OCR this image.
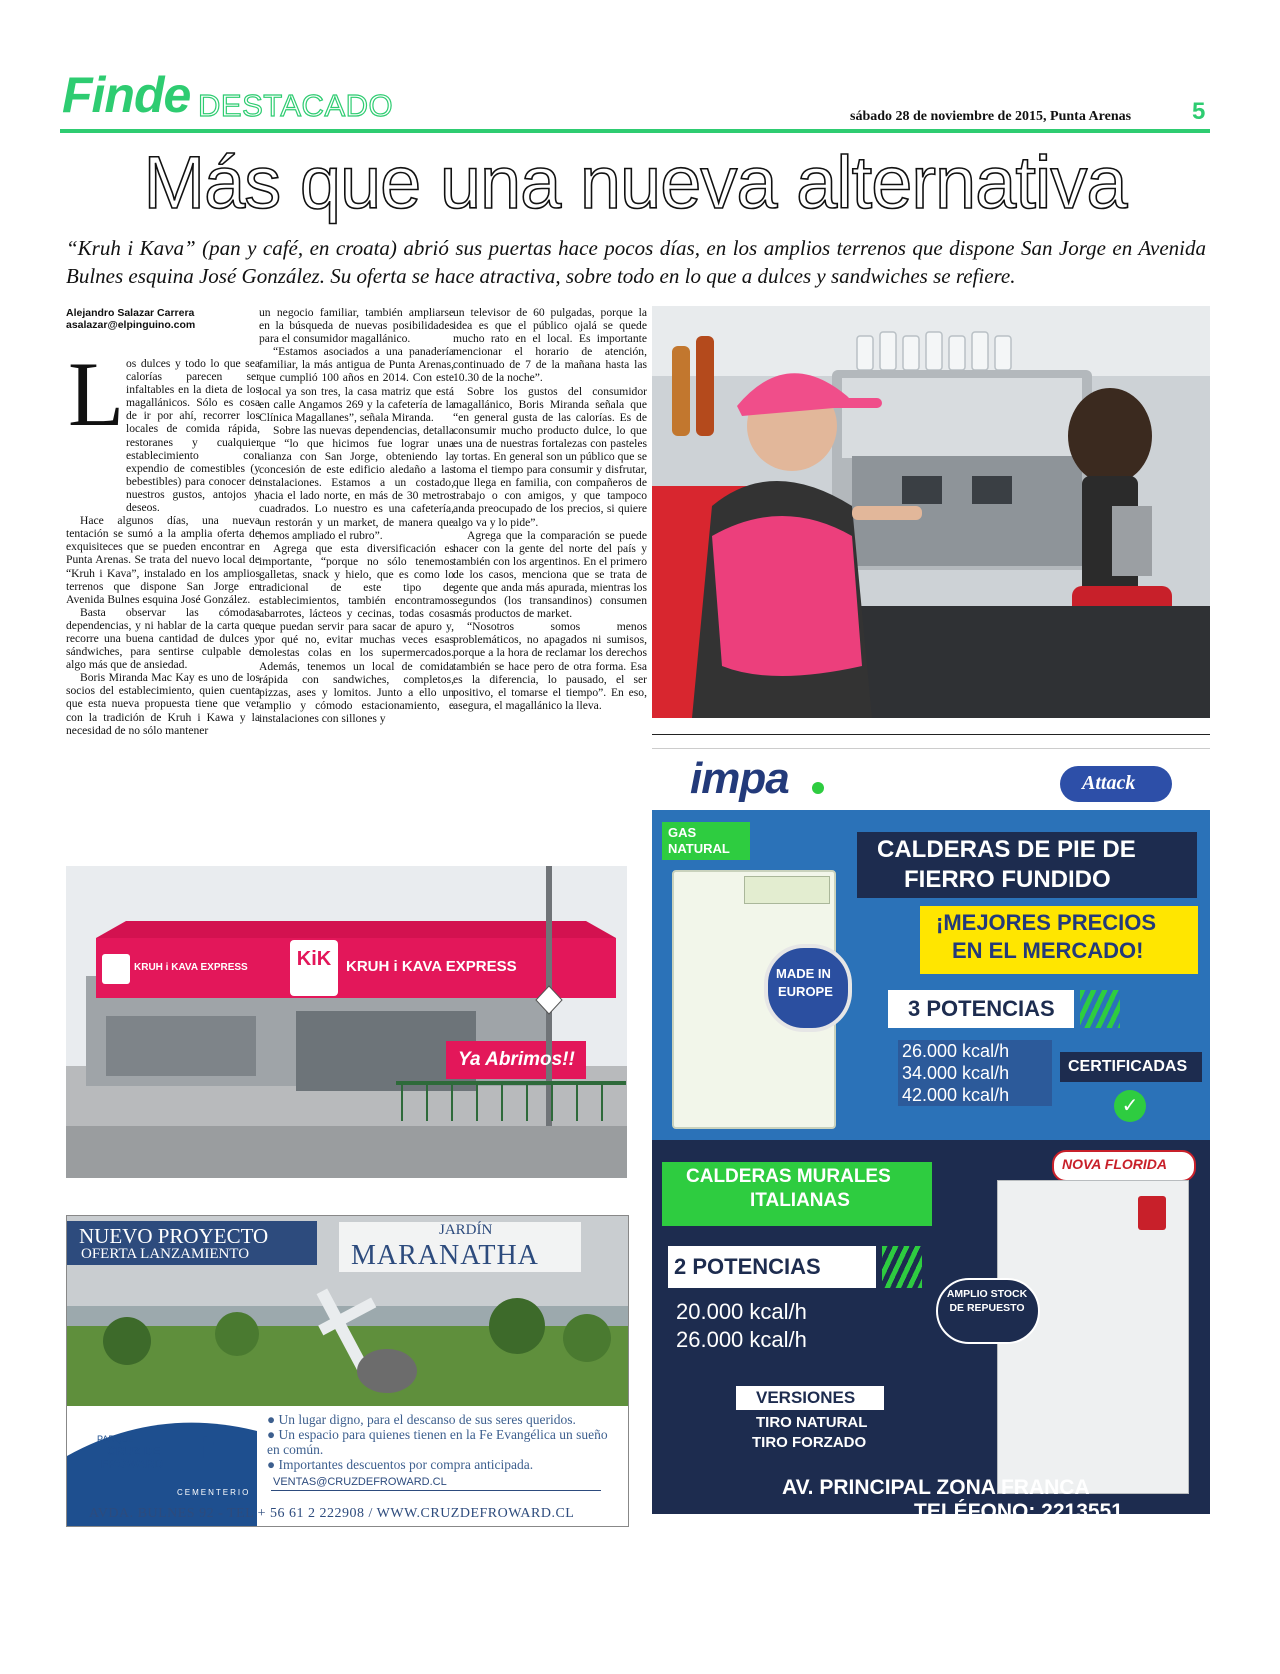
Finde DESTACADO	sábado 28 de noviembre de 2015, Punta Arenas	5
Más que una nueva alternativa
“Kruh i Kava” (pan y café, en croata) abrió sus puertas hace pocos días, en los amplios terrenos que dispone San Jorge en Avenida Bulnes esquina José González. Su oferta se hace atractiva, sobre todo en lo que a dulces y sandwiches se refiere.
Alejandro Salazar Carrera
asalazar@elpinguino.com
L os dulces y todo lo que sea calorías parecen ser infaltables en la dieta de los magallánicos. Sólo es cosa de ir por ahí, recorrer los locales de comida rápida, restoranes y cualquier establecimiento con expendio de comestibles (y bebestibles) para conocer de nuestros gustos, antojos y deseos.

Hace algunos días, una nueva tentación se sumó a la amplia oferta de exquisiteces que se pueden encontrar en Punta Arenas. Se trata del nuevo local de “Kruh i Kava”, instalado en los amplios terrenos que dispone San Jorge en Avenida Bulnes esquina José González.

Basta observar las cómodas dependencias, y ni hablar de la carta que recorre una buena cantidad de dulces y sándwiches, para sentirse culpable de algo más que de ansiedad.

Boris Miranda Mac Kay es uno de los socios del establecimiento, quien cuenta que esta nueva propuesta tiene que ver con la tradición de Kruh i Kawa y la necesidad de no sólo mantener

un negocio familiar, también ampliarse en la búsqueda de nuevas posibilidades para el consumidor magallánico.

“Estamos asociados a una panadería familiar, la más antigua de Punta Arenas, que cumplió 100 años en 2014. Con este local ya son tres, la casa matriz que está en calle Angamos 269 y la cafetería de la Clínica Magallanes”, señala Miranda.

Sobre las nuevas dependencias, detalla que “lo que hicimos fue lograr una alianza con San Jorge, obteniendo la concesión de este edificio aledaño a las instalaciones. Estamos a un costado, hacia el lado norte, en más de 30 metros cuadrados. Lo nuestro es una cafetería, un restorán y un market, de manera que hemos ampliado el rubro”.

Agrega que esta diversificación es importante, “porque no sólo tenemos galletas, snack y hielo, que es como lo tradicional de este tipo de establecimientos, también encontramos abarrotes, lácteos y cecinas, todas cosas que puedan servir para sacar de apuro y, por qué no, evitar muchas veces esas molestas colas en los supermercados. Además, tenemos un local de comida rápida con sandwiches, completos, pizzas, ases y lomitos. Junto a ello un amplio y cómodo estacionamiento, e instalaciones con sillones y

un televisor de 60 pulgadas, porque la idea es que el público ojalá se quede mucho rato en el local. Es importante mencionar el horario de atención, continuado de 7 de la mañana hasta las 10.30 de la noche”.

Sobre los gustos del consumidor magallánico, Boris Miranda señala que “en general gusta de las calorías. Es de consumir mucho producto dulce, lo que es una de nuestras fortalezas con pasteles y tortas. En general son un público que se toma el tiempo para consumir y disfrutar, que llega en familia, con compañeros de trabajo o con amigos, y que tampoco anda preocupado de los precios, si quiere algo va y lo pide”.

Agrega que la comparación se puede hacer con la gente del norte del país y también con los argentinos. En el primero de los casos, menciona que se trata de gente que anda más apurada, mientras los segundos (los transandinos) consumen más productos de market.

“Nosotros somos menos problemáticos, no apagados ni sumisos, porque a la hora de reclamar los derechos también se hace pero de otra forma. Esa es la diferencia, lo pausado, el ser positivo, el tomarse el tiempo”. En eso, asegura, el magallánico la lleva.

KiK KRUH i KAVA EXPRESS
KRUH i KAVA EXPRESS
Ya Abrimos!!
NUEVO PROYECTO
OFERTA LANZAMIENTO
JARDÍN
MARANATHA
● Un lugar digno, para el descanso de sus seres queridos.
● Un espacio para quienes tienen en la Fe Evangélica un sueño en común.
● Importantes descuentos por compra anticipada.
VENTAS@CRUZDEFROWARD.CL
PARQUE
CRUZ DE
FROWARD ✝
CEMENTERIO
AVDA. BULNES 92 - TEL + 56 61 2 222908 / WWW.CRUZDEFROWARD.CL
impa	Attack
GAS
NATURAL
MADE IN
EUROPE
CALDERAS DE PIE DE
FIERRO FUNDIDO
¡MEJORES PRECIOS
EN EL MERCADO!
3 POTENCIAS
26.000 kcal/h
34.000 kcal/h
42.000 kcal/h
CERTIFICADAS
✓
CALDERAS MURALES
ITALIANAS
NOVA FLORIDA
2 POTENCIAS
AMPLIO STOCK
DE REPUESTO
20.000 kcal/h
26.000 kcal/h
VERSIONES
TIRO NATURAL
TIRO FORZADO
AV. PRINCIPAL ZONA FRANCA
TELÉFONO: 2213551
